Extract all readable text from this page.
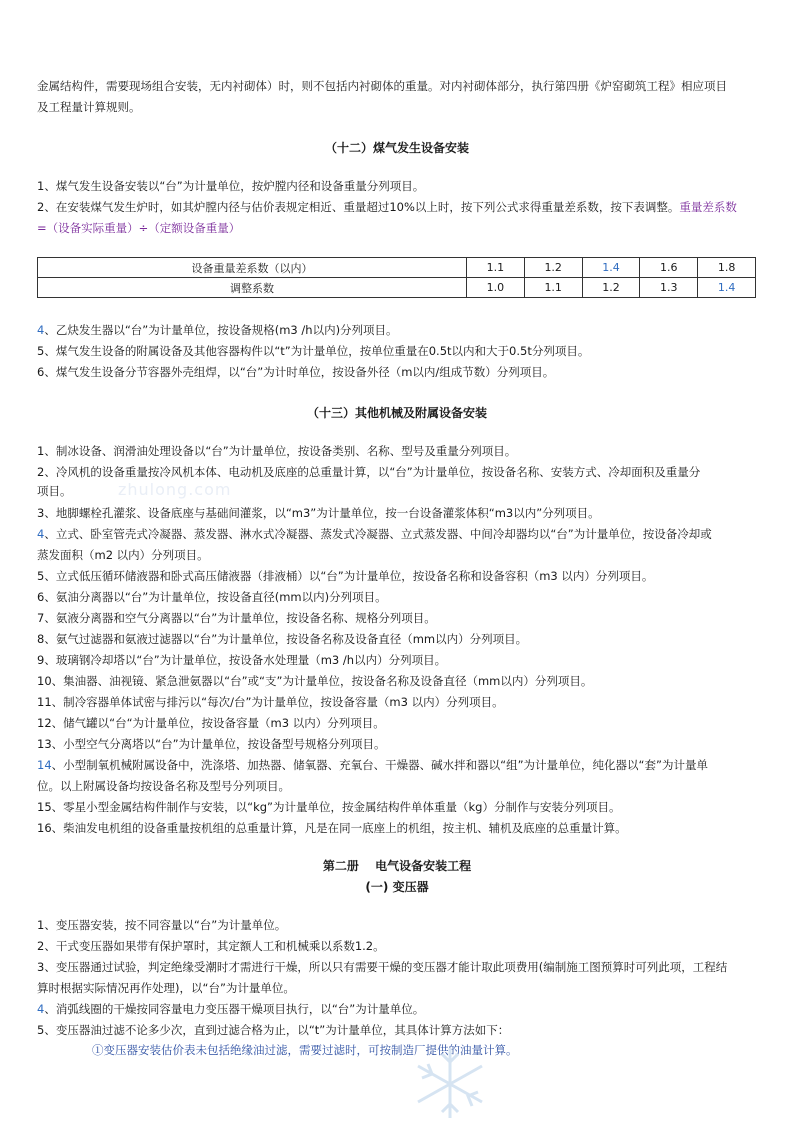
zhulong.com
金属结构件，需要现场组合安装，无内衬砌体）时，则不包括内衬砌体的重量。对内衬砌体部分，执行第四册《炉窑砌筑工程》相应项目
及工程量计算规则。
（十二）煤气发生设备安装
1、煤气发生设备安装以“台”为计量单位，按炉膛内径和设备重量分列项目。
2、在安装煤气发生炉时，如其炉膛内径与估价表规定相近、重量超过10%以上时，按下列公式求得重量差系数，按下表调整。重量差系数
=（设备实际重量）÷（定额设备重量）
设备重量差系数（以内）	1.1	1.2	1.4	1.6	1.8
调整系数	1.0	1.1	1.2	1.3	1.4
4、乙炔发生器以“台”为计量单位，按设备规格(m3 /h以内)分列项目。
5、煤气发生设备的附属设备及其他容器构件以“t”为计量单位，按单位重量在0.5t以内和大于0.5t分列项目。
6、煤气发生设备分节容器外壳组焊，以“台”为计时单位，按设备外径（m以内/组成节数）分列项目。
（十三）其他机械及附属设备安装
1、制冰设备、润滑油处理设备以“台”为计量单位，按设备类别、名称、型号及重量分列项目。
2、冷风机的设备重量按冷风机本体、电动机及底座的总重量计算，以“台”为计量单位，按设备名称、安装方式、冷却面积及重量分
项目。
3、地脚螺栓孔灌浆、设备底座与基础间灌浆，以“m3”为计量单位，按一台设备灌浆体积“m3以内”分列项目。
4、立式、卧室管壳式冷凝器、蒸发器、淋水式冷凝器、蒸发式冷凝器、立式蒸发器、中间冷却器均以“台”为计量单位，按设备冷却或
蒸发面积（m2 以内）分列项目。
5、立式低压循环储液器和卧式高压储液器（排液桶）以“台”为计量单位，按设备名称和设备容积（m3 以内）分列项目。
6、氨油分离器以“台”为计量单位，按设备直径(mm以内)分列项目。
7、氨液分离器和空气分离器以“台”为计量单位，按设备名称、规格分列项目。
8、氨气过滤器和氨液过滤器以“台”为计量单位，按设备名称及设备直径（mm以内）分列项目。
9、玻璃钢冷却塔以“台”为计量单位，按设备水处理量（m3 /h以内）分列项目。
10、集油器、油视镜、紧急泄氨器以“台”或“支”为计量单位，按设备名称及设备直径（mm以内）分列项目。
11、制冷容器单体试密与排污以“每次/台”为计量单位，按设备容量（m3 以内）分列项目。
12、储气罐以“台“为计量单位，按设备容量（m3 以内）分列项目。
13、小型空气分离塔以“台”为计量单位，按设备型号规格分列项目。
14、小型制氧机械附属设备中，洗涤塔、加热器、储氧器、充氧台、干燥器、碱水拌和器以“组”为计量单位，纯化器以“套”为计量单
位。以上附属设备均按设备名称及型号分列项目。
15、零星小型金属结构件制作与安装，以“kg”为计量单位，按金属结构件单体重量（kg）分制作与安装分列项目。
16、柴油发电机组的设备重量按机组的总重量计算，凡是在同一底座上的机组，按主机、辅机及底座的总重量计算。
第二册　 电气设备安装工程
(一) 变压器
1、变压器安装，按不同容量以“台”为计量单位。
2、干式变压器如果带有保护罩时，其定额人工和机械乘以系数1.2。
3、变压器通过试验，判定绝缘受潮时才需进行干燥，所以只有需要干燥的变压器才能计取此项费用(编制施工图预算时可列此项，工程结
算时根据实际情况再作处理)，以“台”为计量单位。
4、消弧线圈的干燥按同容量电力变压器干燥项目执行，以“台”为计量单位。
5、变压器油过滤不论多少次，直到过滤合格为止，以“t”为计量单位，其具体计算方法如下：
①变压器安装估价表未包括绝缘油过滤，需要过滤时，可按制造厂提供的油量计算。
